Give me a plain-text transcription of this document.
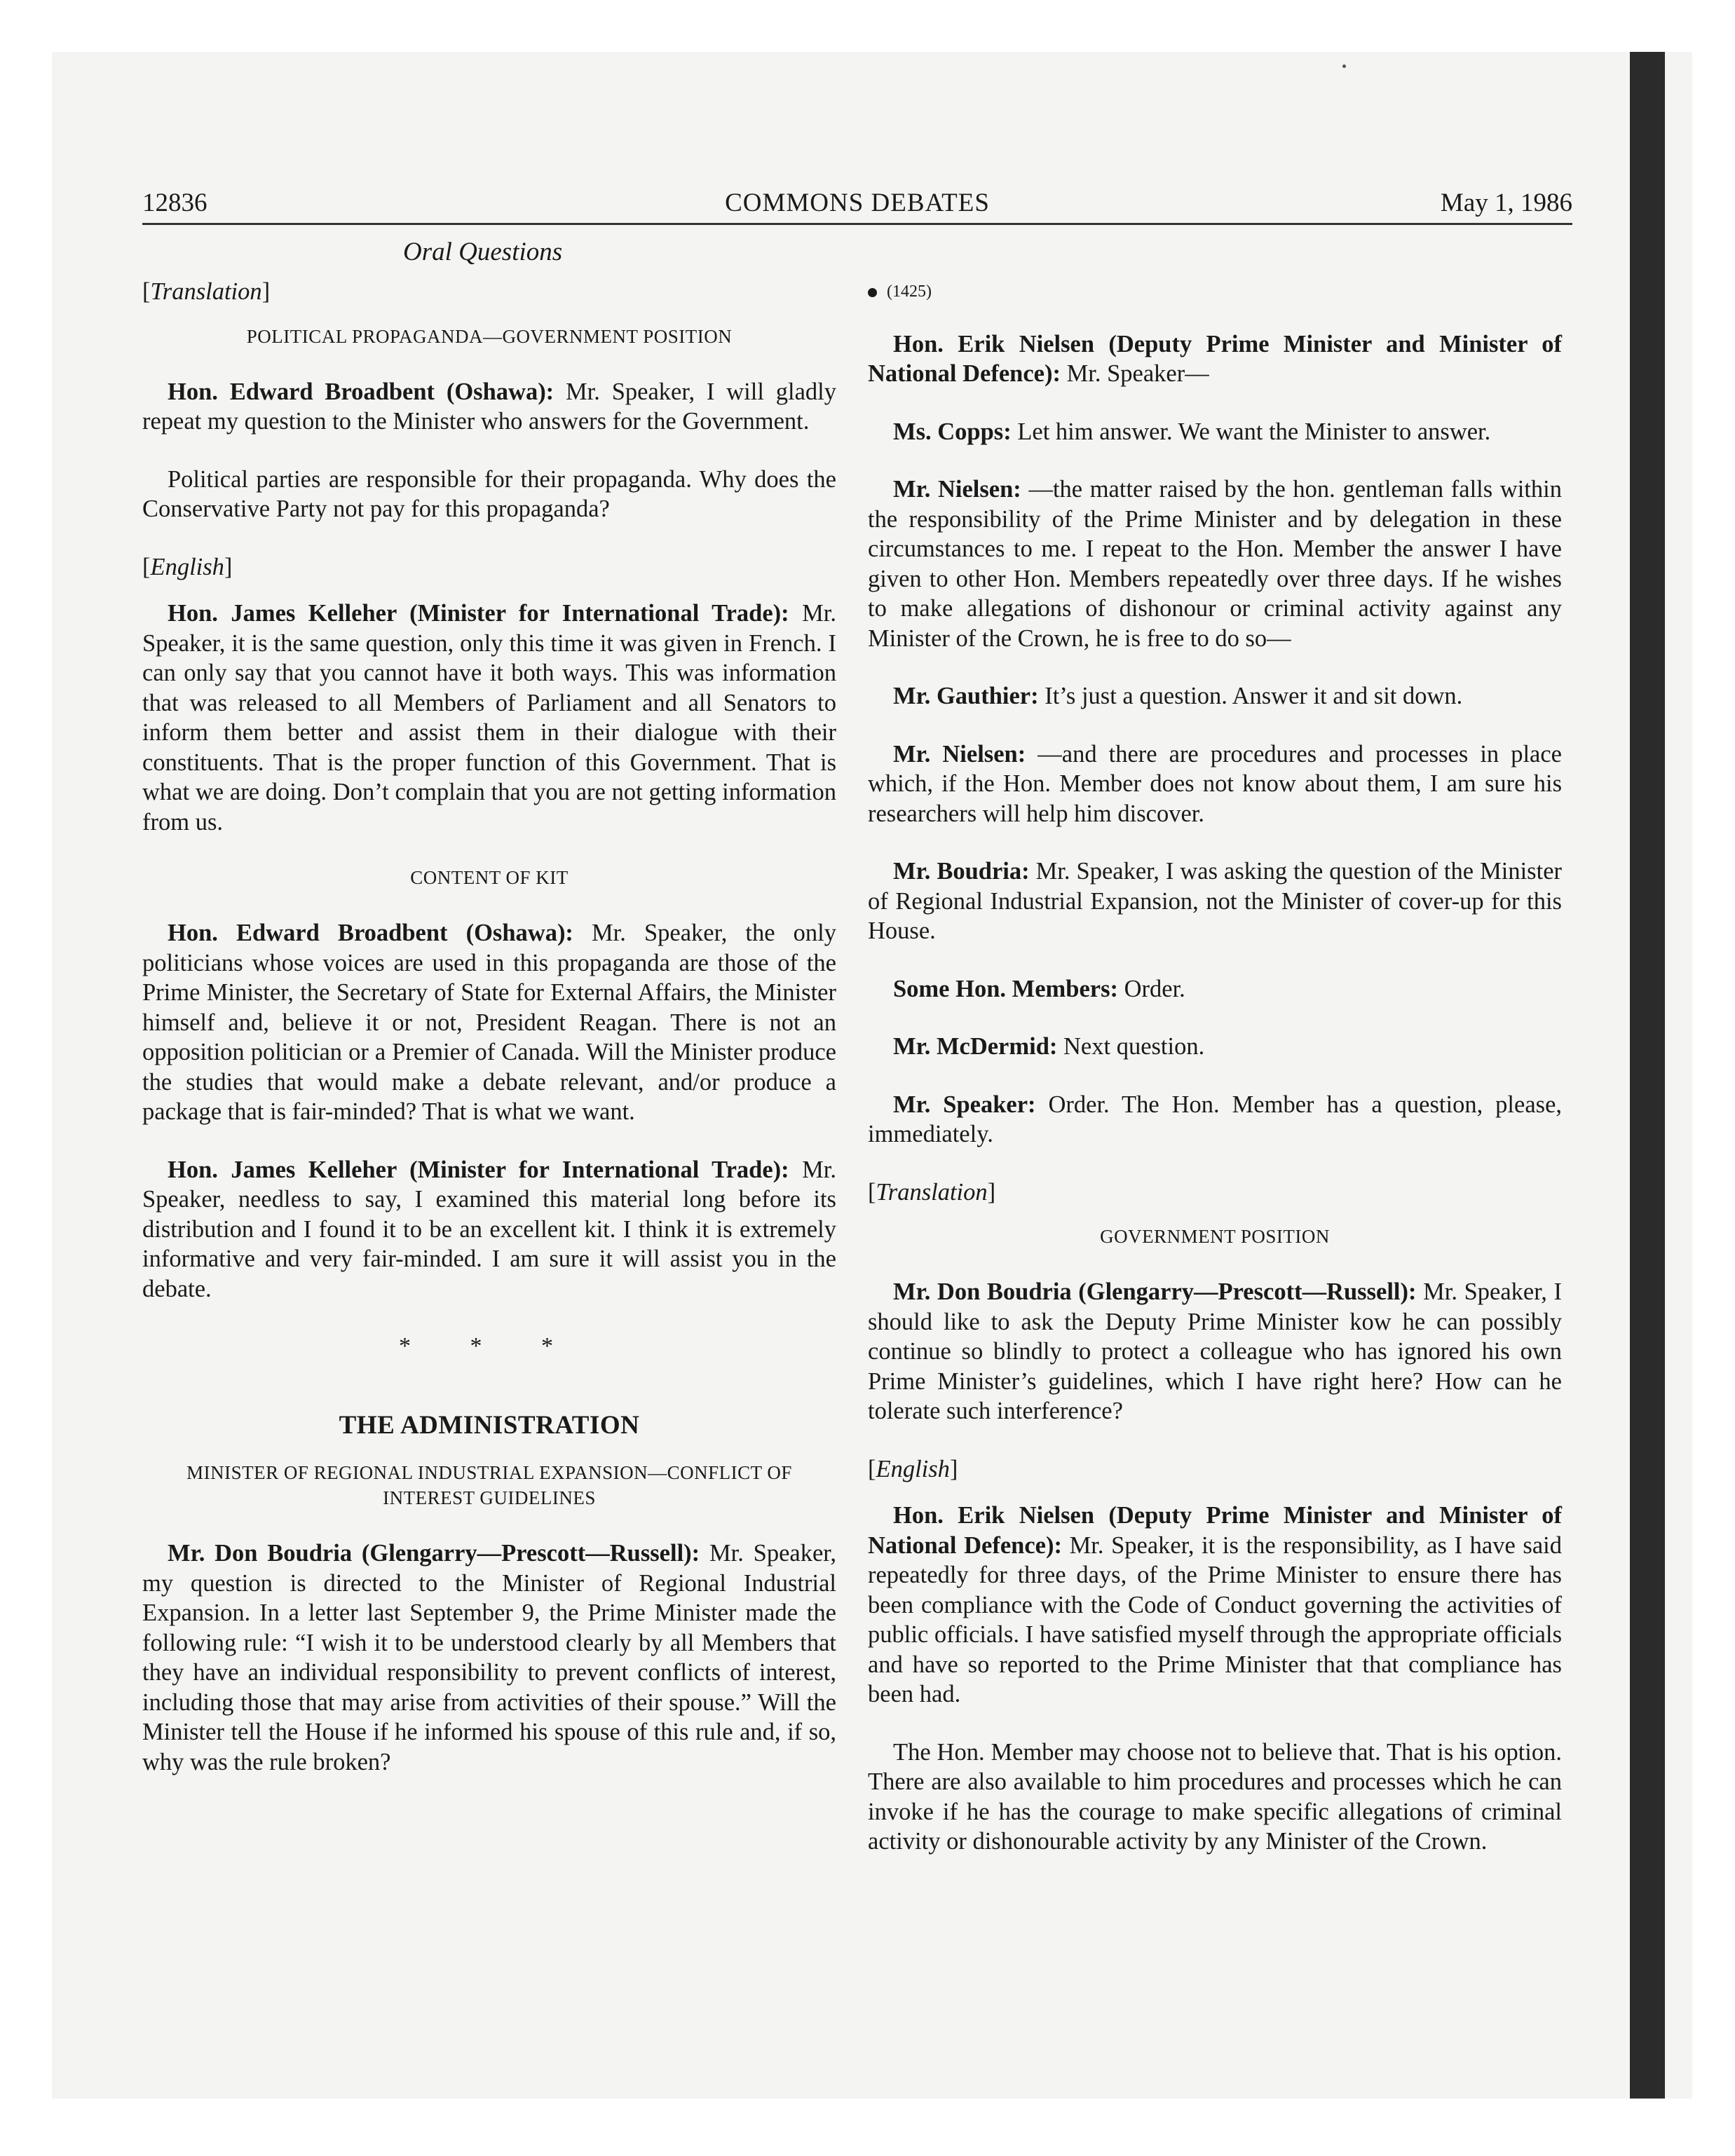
12836	COMMONS DEBATES	May 1, 1986
Oral Questions
[Translation]
POLITICAL PROPAGANDA—GOVERNMENT POSITION

Hon. Edward Broadbent (Oshawa): Mr. Speaker, I will gladly repeat my question to the Minister who answers for the Government.

Political parties are responsible for their propaganda. Why does the Conservative Party not pay for this propaganda?

[English]

Hon. James Kelleher (Minister for International Trade): Mr. Speaker, it is the same question, only this time it was given in French. I can only say that you cannot have it both ways. This was information that was released to all Members of Parliament and all Senators to inform them better and assist them in their dialogue with their constituents. That is the proper function of this Government. That is what we are doing. Don’t complain that you are not getting information from us.

CONTENT OF KIT

Hon. Edward Broadbent (Oshawa): Mr. Speaker, the only politicians whose voices are used in this propaganda are those of the Prime Minister, the Secretary of State for External Affairs, the Minister himself and, believe it or not, President Reagan. There is not an opposition politician or a Premier of Canada. Will the Minister produce the studies that would make a debate relevant, and/or produce a package that is fair-minded? That is what we want.

Hon. James Kelleher (Minister for International Trade): Mr. Speaker, needless to say, I examined this material long before its distribution and I found it to be an excellent kit. I think it is extremely informative and very fair-minded. I am sure it will assist you in the debate.

* * *
THE ADMINISTRATION
MINISTER OF REGIONAL INDUSTRIAL EXPANSION—CONFLICT OF INTEREST GUIDELINES

Mr. Don Boudria (Glengarry—Prescott—Russell): Mr. Speaker, my question is directed to the Minister of Regional Industrial Expansion. In a letter last September 9, the Prime Minister made the following rule: “I wish it to be understood clearly by all Members that they have an individual responsibility to prevent conflicts of interest, including those that may arise from activities of their spouse.” Will the Minister tell the House if he informed his spouse of this rule and, if so, why was the rule broken?

(1425)

Hon. Erik Nielsen (Deputy Prime Minister and Minister of National Defence): Mr. Speaker—

Ms. Copps: Let him answer. We want the Minister to answer.

Mr. Nielsen: —the matter raised by the hon. gentleman falls within the responsibility of the Prime Minister and by delegation in these circumstances to me. I repeat to the Hon. Member the answer I have given to other Hon. Members repeatedly over three days. If he wishes to make allegations of dishonour or criminal activity against any Minister of the Crown, he is free to do so—

Mr. Gauthier: It’s just a question. Answer it and sit down.

Mr. Nielsen: —and there are procedures and processes in place which, if the Hon. Member does not know about them, I am sure his researchers will help him discover.

Mr. Boudria: Mr. Speaker, I was asking the question of the Minister of Regional Industrial Expansion, not the Minister of cover-up for this House.

Some Hon. Members: Order.

Mr. McDermid: Next question.

Mr. Speaker: Order. The Hon. Member has a question, please, immediately.

[Translation]
GOVERNMENT POSITION

Mr. Don Boudria (Glengarry—Prescott—Russell): Mr. Speaker, I should like to ask the Deputy Prime Minister kow he can possibly continue so blindly to protect a colleague who has ignored his own Prime Minister’s guidelines, which I have right here? How can he tolerate such interference?

[English]

Hon. Erik Nielsen (Deputy Prime Minister and Minister of National Defence): Mr. Speaker, it is the responsibility, as I have said repeatedly for three days, of the Prime Minister to ensure there has been compliance with the Code of Conduct governing the activities of public officials. I have satisfied myself through the appropriate officials and have so reported to the Prime Minister that that compliance has been had.

The Hon. Member may choose not to believe that. That is his option. There are also available to him procedures and processes which he can invoke if he has the courage to make specific allegations of criminal activity or dishonourable activity by any Minister of the Crown.
